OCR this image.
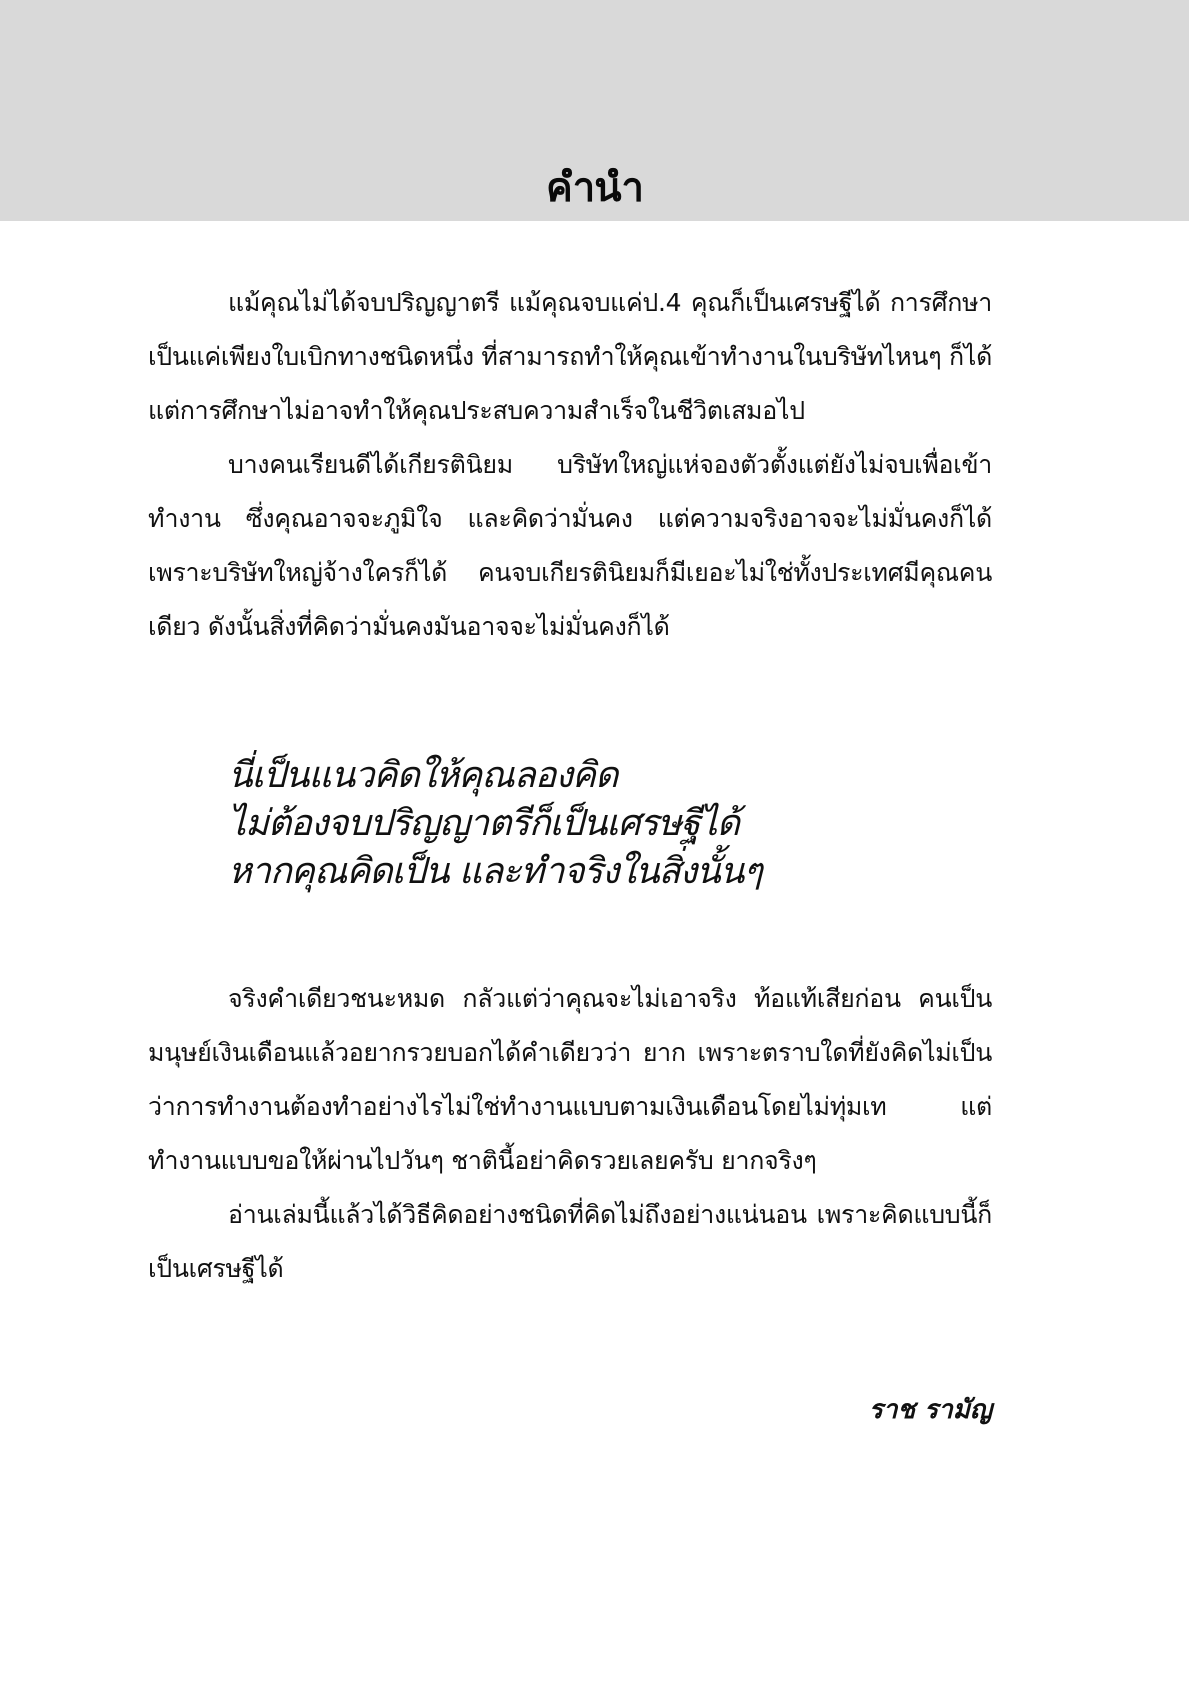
คำนำ

แม้คุณไม่ได้จบปริญญาตรี แม้คุณจบแค่ป.4 คุณก็เป็นเศรษฐีได้ การศึกษาเป็นแค่เพียงใบเบิกทางชนิดหนึ่ง ที่สามารถทำให้คุณเข้าทำงานในบริษัทไหนๆ ก็ได้ แต่การศึกษาไม่อาจทำให้คุณประสบความสำเร็จในชีวิตเสมอไป

บางคนเรียนดีได้เกียรตินิยม บริษัทใหญ่แห่จองตัวตั้งแต่ยังไม่จบเพื่อเข้าทำงาน ซึ่งคุณอาจจะภูมิใจ และคิดว่ามั่นคง แต่ความจริงอาจจะไม่มั่นคงก็ได้ เพราะบริษัทใหญ่จ้างใครก็ได้ คนจบเกียรตินิยมก็มีเยอะไม่ใช่ทั้งประเทศมีคุณคนเดียว ดังนั้นสิ่งที่คิดว่ามั่นคงมันอาจจะไม่มั่นคงก็ได้

นี่เป็นแนวคิดให้คุณลองคิด
ไม่ต้องจบปริญญาตรีก็เป็นเศรษฐีได้
หากคุณคิดเป็น และทำจริงในสิ่งนั้นๆ

จริงคำเดียวชนะหมด กลัวแต่ว่าคุณจะไม่เอาจริง ท้อแท้เสียก่อน คนเป็นมนุษย์เงินเดือนแล้วอยากรวยบอกได้คำเดียวว่า ยาก เพราะตราบใดที่ยังคิดไม่เป็นว่าการทำงานต้องทำอย่างไรไม่ใช่ทำงานแบบตามเงินเดือนโดยไม่ทุ่มเท แต่ทำงานแบบขอให้ผ่านไปวันๆ ชาตินี้อย่าคิดรวยเลยครับ ยากจริงๆ

อ่านเล่มนี้แล้วได้วิธีคิดอย่างชนิดที่คิดไม่ถึงอย่างแน่นอน เพราะคิดแบบนี้ก็เป็นเศรษฐีได้

ราช รามัญ
